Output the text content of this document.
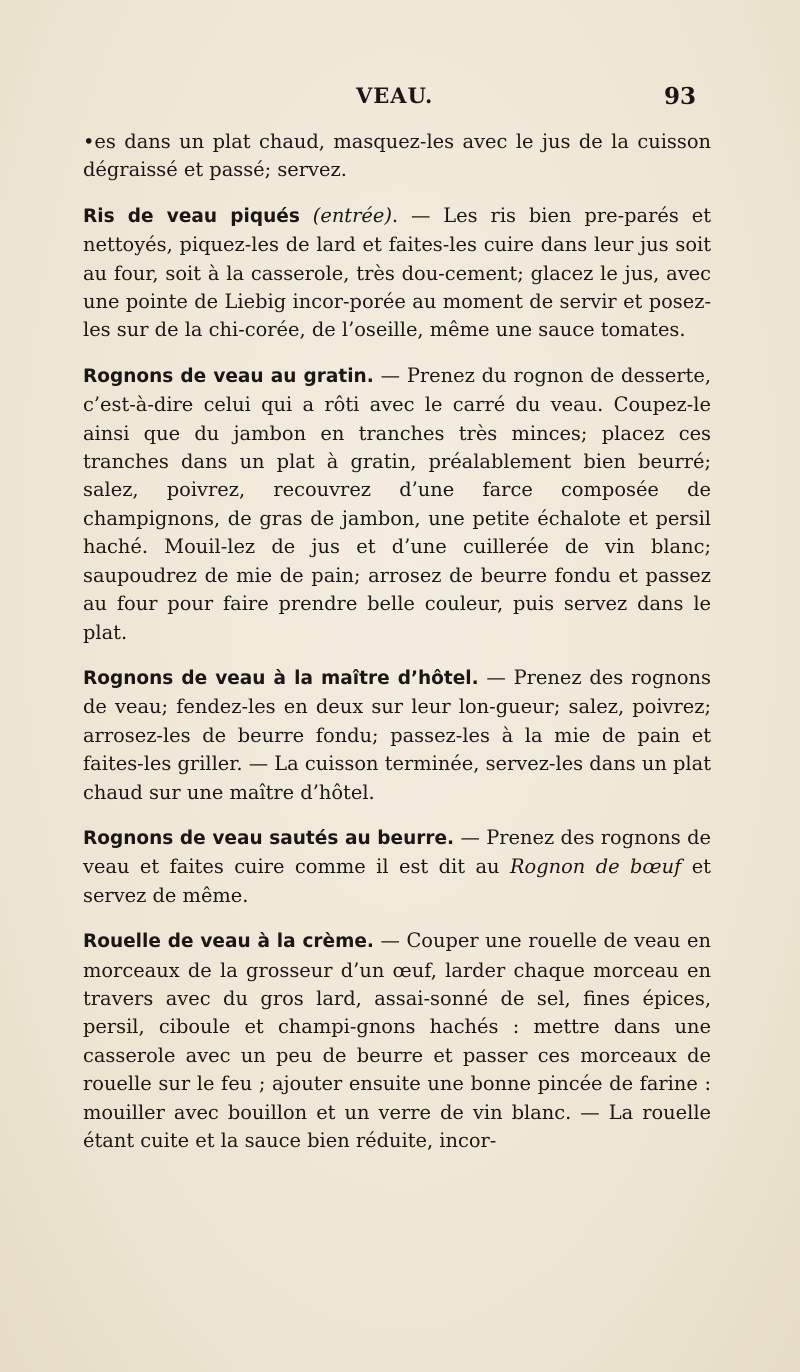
VEAU.	93

•es dans un plat chaud, masquez-les avec le jus de la cuisson dégraissé et passé; servez.

Ris de veau piqués (entrée). — Les ris bien pre-parés et nettoyés, piquez-les de lard et faites-les cuire dans leur jus soit au four, soit à la casserole, très dou-cement; glacez le jus, avec une pointe de Liebig incor-porée au moment de servir et posez-les sur de la chi-corée, de l’oseille, même une sauce tomates.

Rognons de veau au gratin. — Prenez du rognon de desserte, c’est-à-dire celui qui a rôti avec le carré du veau. Coupez-le ainsi que du jambon en tranches très minces; placez ces tranches dans un plat à gratin, préalablement bien beurré; salez, poivrez, recouvrez d’une farce composée de champignons, de gras de jambon, une petite échalote et persil haché. Mouil-lez de jus et d’une cuillerée de vin blanc; saupoudrez de mie de pain; arrosez de beurre fondu et passez au four pour faire prendre belle couleur, puis servez dans le plat.

Rognons de veau à la maître d’hôtel. — Prenez des rognons de veau; fendez-les en deux sur leur lon-gueur; salez, poivrez; arrosez-les de beurre fondu; passez-les à la mie de pain et faites-les griller. — La cuisson terminée, servez-les dans un plat chaud sur une maître d’hôtel.

Rognons de veau sautés au beurre. — Prenez des rognons de veau et faites cuire comme il est dit au Rognon de bœuf et servez de même.

Rouelle de veau à la crème. — Couper une rouelle de veau en morceaux de la grosseur d’un œuf, larder chaque morceau en travers avec du gros lard, assai-sonné de sel, fines épices, persil, ciboule et champi-gnons hachés : mettre dans une casserole avec un peu de beurre et passer ces morceaux de rouelle sur le feu ; ajouter ensuite une bonne pincée de farine : mouiller avec bouillon et un verre de vin blanc. — La rouelle étant cuite et la sauce bien réduite, incor-
